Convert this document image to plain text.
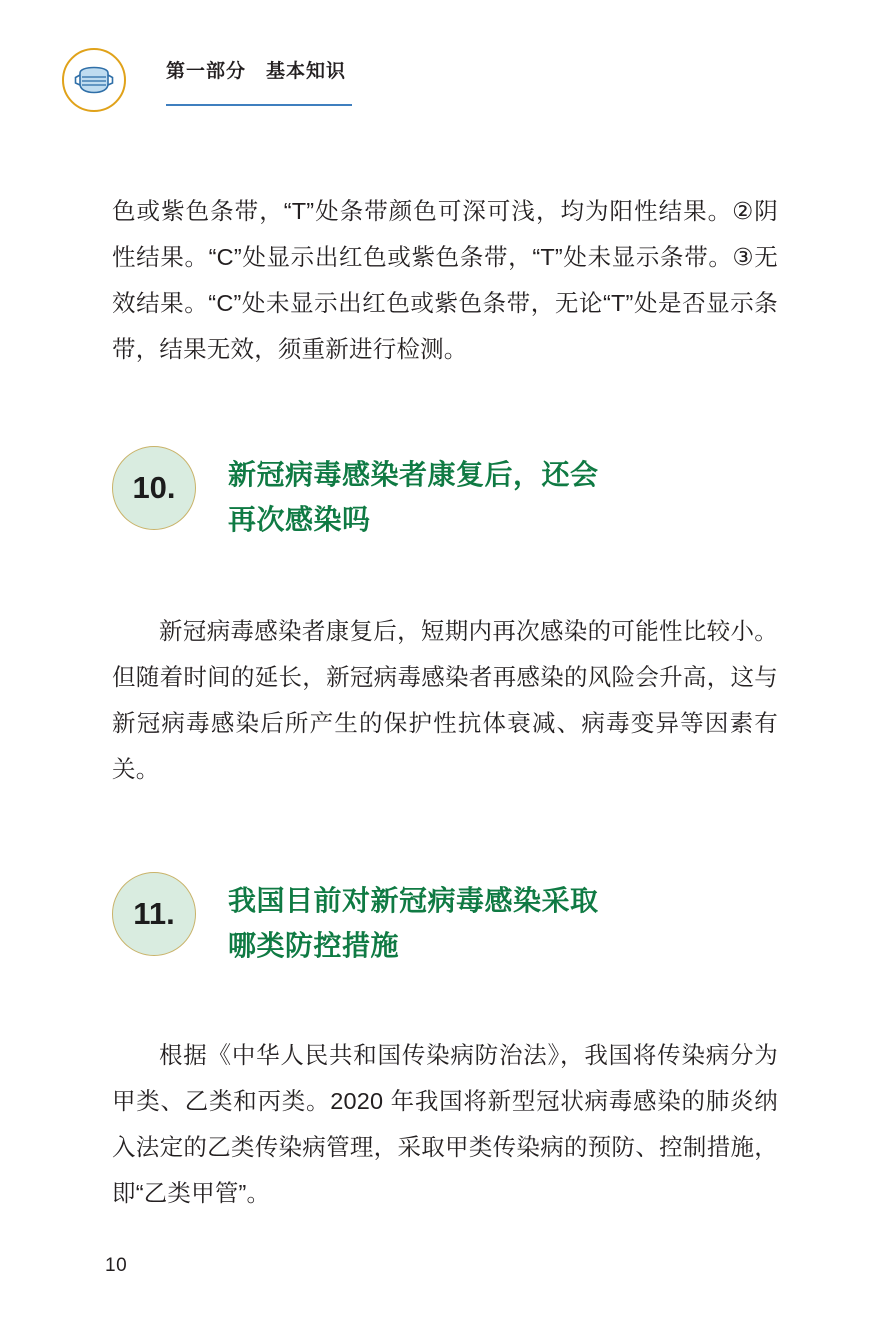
第一部分　基本知识
色或紫色条带，“T”处条带颜色可深可浅，均为阳性结果。②阴性结果。“C”处显示出红色或紫色条带，“T”处未显示条带。③无效结果。“C”处未显示出红色或紫色条带，无论“T”处是否显示条带，结果无效，须重新进行检测。
10.	新冠病毒感染者康复后，还会
再次感染吗
新冠病毒感染者康复后，短期内再次感染的可能性比较小。但随着时间的延长，新冠病毒感染者再感染的风险会升高，这与新冠病毒感染后所产生的保护性抗体衰减、病毒变异等因素有关。
11.	我国目前对新冠病毒感染采取
哪类防控措施
根据《中华人民共和国传染病防治法》，我国将传染病分为甲类、乙类和丙类。2020 年我国将新型冠状病毒感染的肺炎纳入法定的乙类传染病管理，采取甲类传染病的预防、控制措施，即“乙类甲管”。
10
